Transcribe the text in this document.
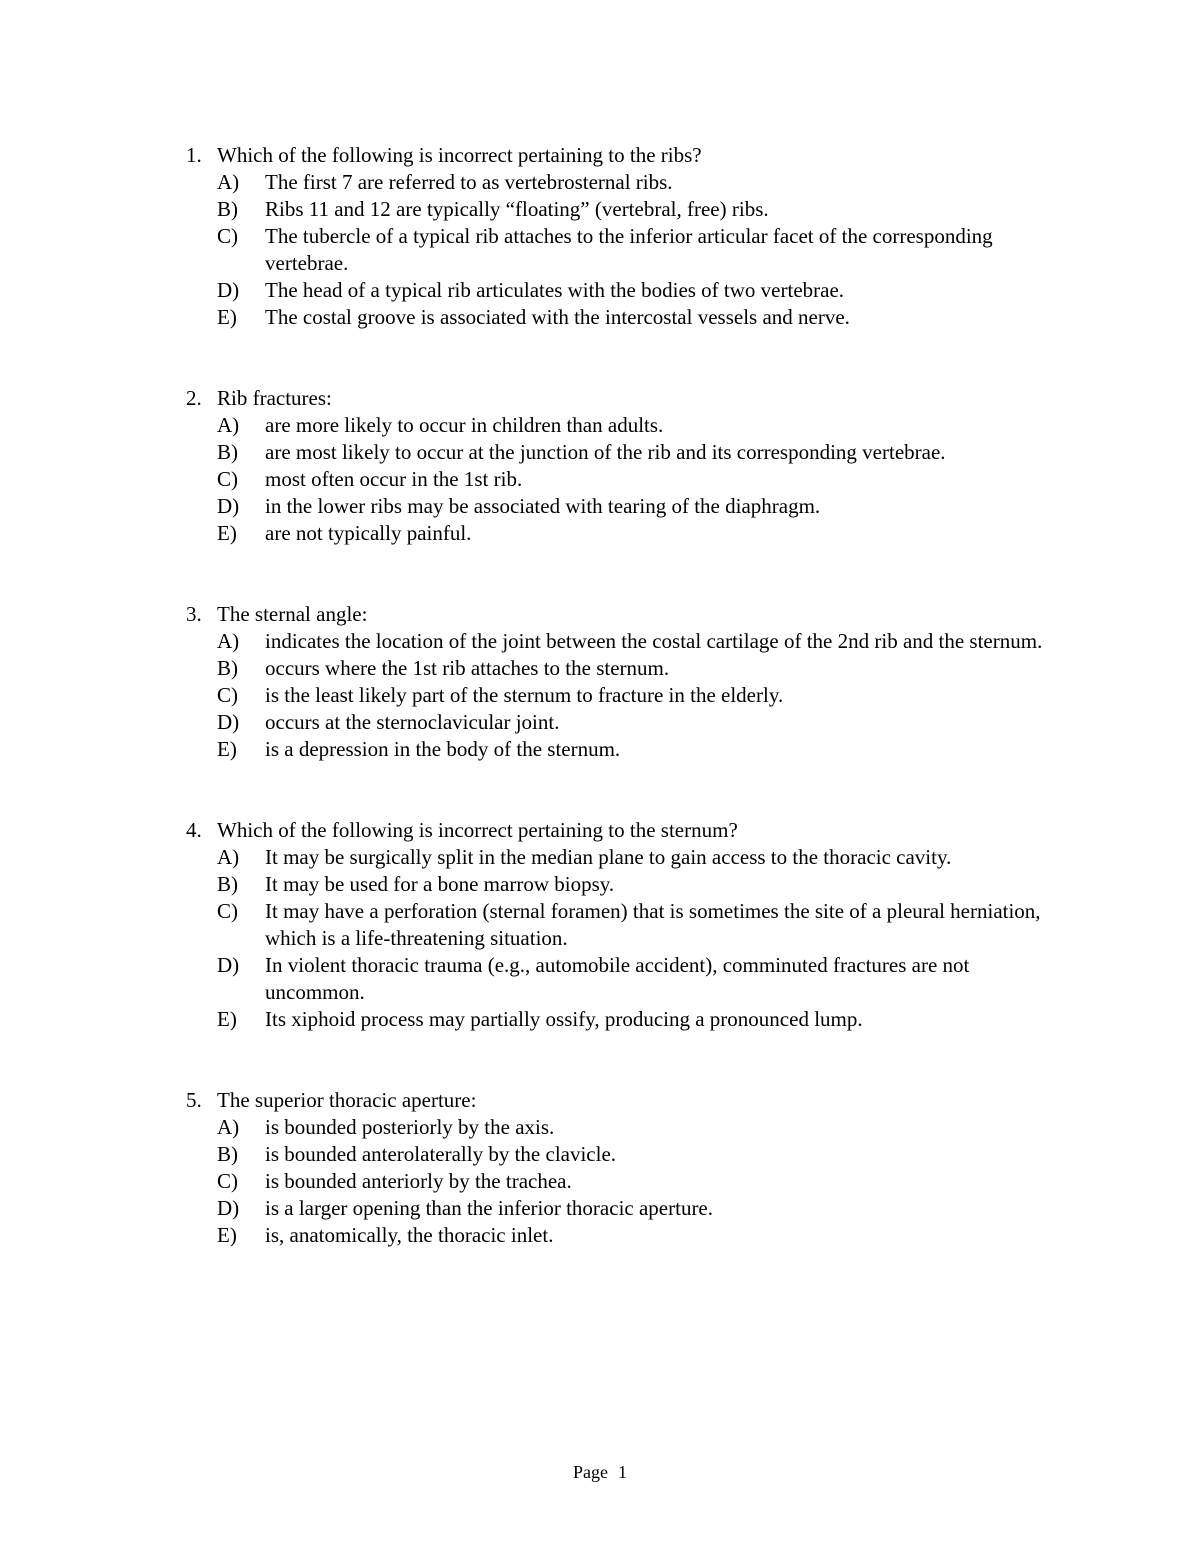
1. Which of the following is incorrect pertaining to the ribs?
A)	The first 7 are referred to as vertebrosternal ribs.
B)	Ribs 11 and 12 are typically “floating” (vertebral, free) ribs.
C)	The tubercle of a typical rib attaches to the inferior articular facet of the corresponding vertebrae.
D)	The head of a typical rib articulates with the bodies of two vertebrae.
E)	The costal groove is associated with the intercostal vessels and nerve.
2. Rib fractures:
A)	are more likely to occur in children than adults.
B)	are most likely to occur at the junction of the rib and its corresponding vertebrae.
C)	most often occur in the 1st rib.
D)	in the lower ribs may be associated with tearing of the diaphragm.
E)	are not typically painful.
3. The sternal angle:
A)	indicates the location of the joint between the costal cartilage of the 2nd rib and the sternum.
B)	occurs where the 1st rib attaches to the sternum.
C)	is the least likely part of the sternum to fracture in the elderly.
D)	occurs at the sternoclavicular joint.
E)	is a depression in the body of the sternum.
4. Which of the following is incorrect pertaining to the sternum?
A)	It may be surgically split in the median plane to gain access to the thoracic cavity.
B)	It may be used for a bone marrow biopsy.
C)	It may have a perforation (sternal foramen) that is sometimes the site of a pleural herniation, which is a life-threatening situation.
D)	In violent thoracic trauma (e.g., automobile accident), comminuted fractures are not uncommon.
E)	Its xiphoid process may partially ossify, producing a pronounced lump.
5. The superior thoracic aperture:
A)	is bounded posteriorly by the axis.
B)	is bounded anterolaterally by the clavicle.
C)	is bounded anteriorly by the trachea.
D)	is a larger opening than the inferior thoracic aperture.
E)	is, anatomically, the thoracic inlet.
Page 1
